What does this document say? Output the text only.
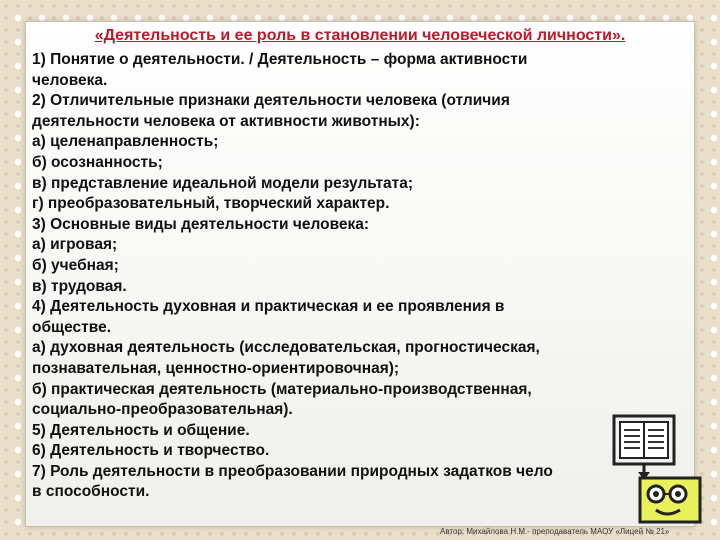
«Деятельность и ее роль в становлении человеческой личности».
1) Понятие о деятельности. / Деятельность – форма активности
человека.
2) Отличительные признаки деятельности человека (отличия
деятельности человека от активности животных):
а) целенаправленность;
б) осознанность;
в) представление идеальной модели результата;
г) преобразовательный, творческий характер.
3) Основные виды деятельности человека:
а) игровая;
б) учебная;
в) трудовая.
4) Деятельность духовная и практическая и ее проявления в
обществе.
а) духовная деятельность (исследовательская, прогностическая,
познавательная, ценностно-ориентировочная);
б) практическая деятельность (материально-производственная,
социально-преобразовательная).
5) Деятельность и общение.
6) Деятельность и творчество.
7) Роль деятельности в преобразовании природных задатков чело
в способности.
Автор: Михайлова Н.М.- преподаватель МАОУ «Лицей № 21»
